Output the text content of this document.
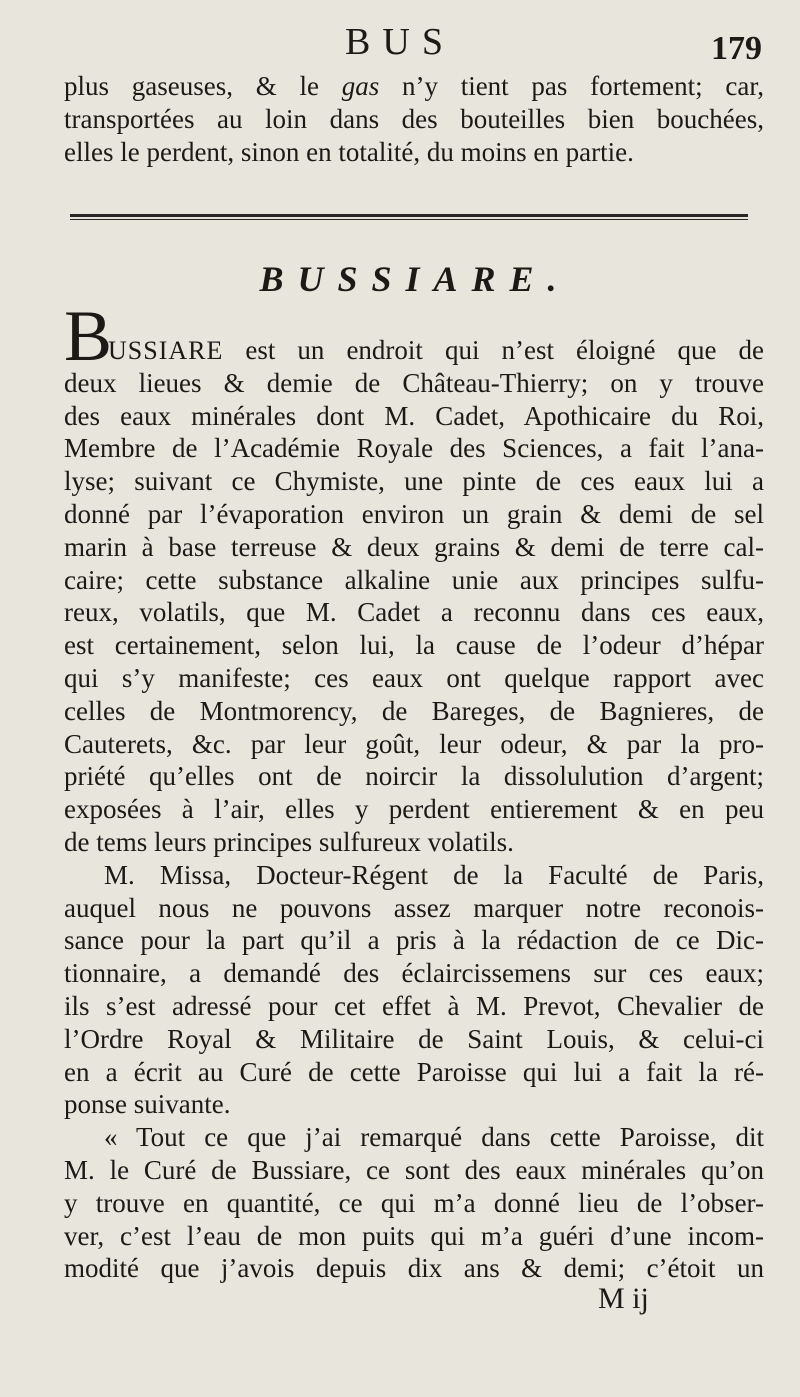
BUS	179
plus gaseuses, & le gas n’y tient pas fortement; car,
transportées au loin dans des bouteilles bien bouchées,
elles le perdent, sinon en totalité, du moins en partie.
BUSSIARE.
B
USSIARE est un endroit qui n’est éloigné que de
deux lieues & demie de Château-Thierry; on y trouve
des eaux minérales dont M. Cadet, Apothicaire du Roi,
Membre de l’Académie Royale des Sciences, a fait l’ana-
lyse; suivant ce Chymiste, une pinte de ces eaux lui a
donné par l’évaporation environ un grain & demi de sel
marin à base terreuse & deux grains & demi de terre cal-
caire; cette substance alkaline unie aux principes sulfu-
reux, volatils, que M. Cadet a reconnu dans ces eaux,
est certainement, selon lui, la cause de l’odeur d’hépar
qui s’y manifeste; ces eaux ont quelque rapport avec
celles de Montmorency, de Bareges, de Bagnieres, de
Cauterets, &c. par leur goût, leur odeur, & par la pro-
priété qu’elles ont de noircir la dissolulution d’argent;
exposées à l’air, elles y perdent entierement & en peu
de tems leurs principes sulfureux volatils.
M. Missa, Docteur-Régent de la Faculté de Paris,
auquel nous ne pouvons assez marquer notre reconois-
sance pour la part qu’il a pris à la rédaction de ce Dic-
tionnaire, a demandé des éclaircissemens sur ces eaux;
ils s’est adressé pour cet effet à M. Prevot, Chevalier de
l’Ordre Royal & Militaire de Saint Louis, & celui-ci
en a écrit au Curé de cette Paroisse qui lui a fait la ré-
ponse suivante.
« Tout ce que j’ai remarqué dans cette Paroisse, dit
M. le Curé de Bussiare, ce sont des eaux minérales qu’on
y trouve en quantité, ce qui m’a donné lieu de l’obser-
ver, c’est l’eau de mon puits qui m’a guéri d’une incom-
modité que j’avois depuis dix ans & demi; c’étoit un
M ij
